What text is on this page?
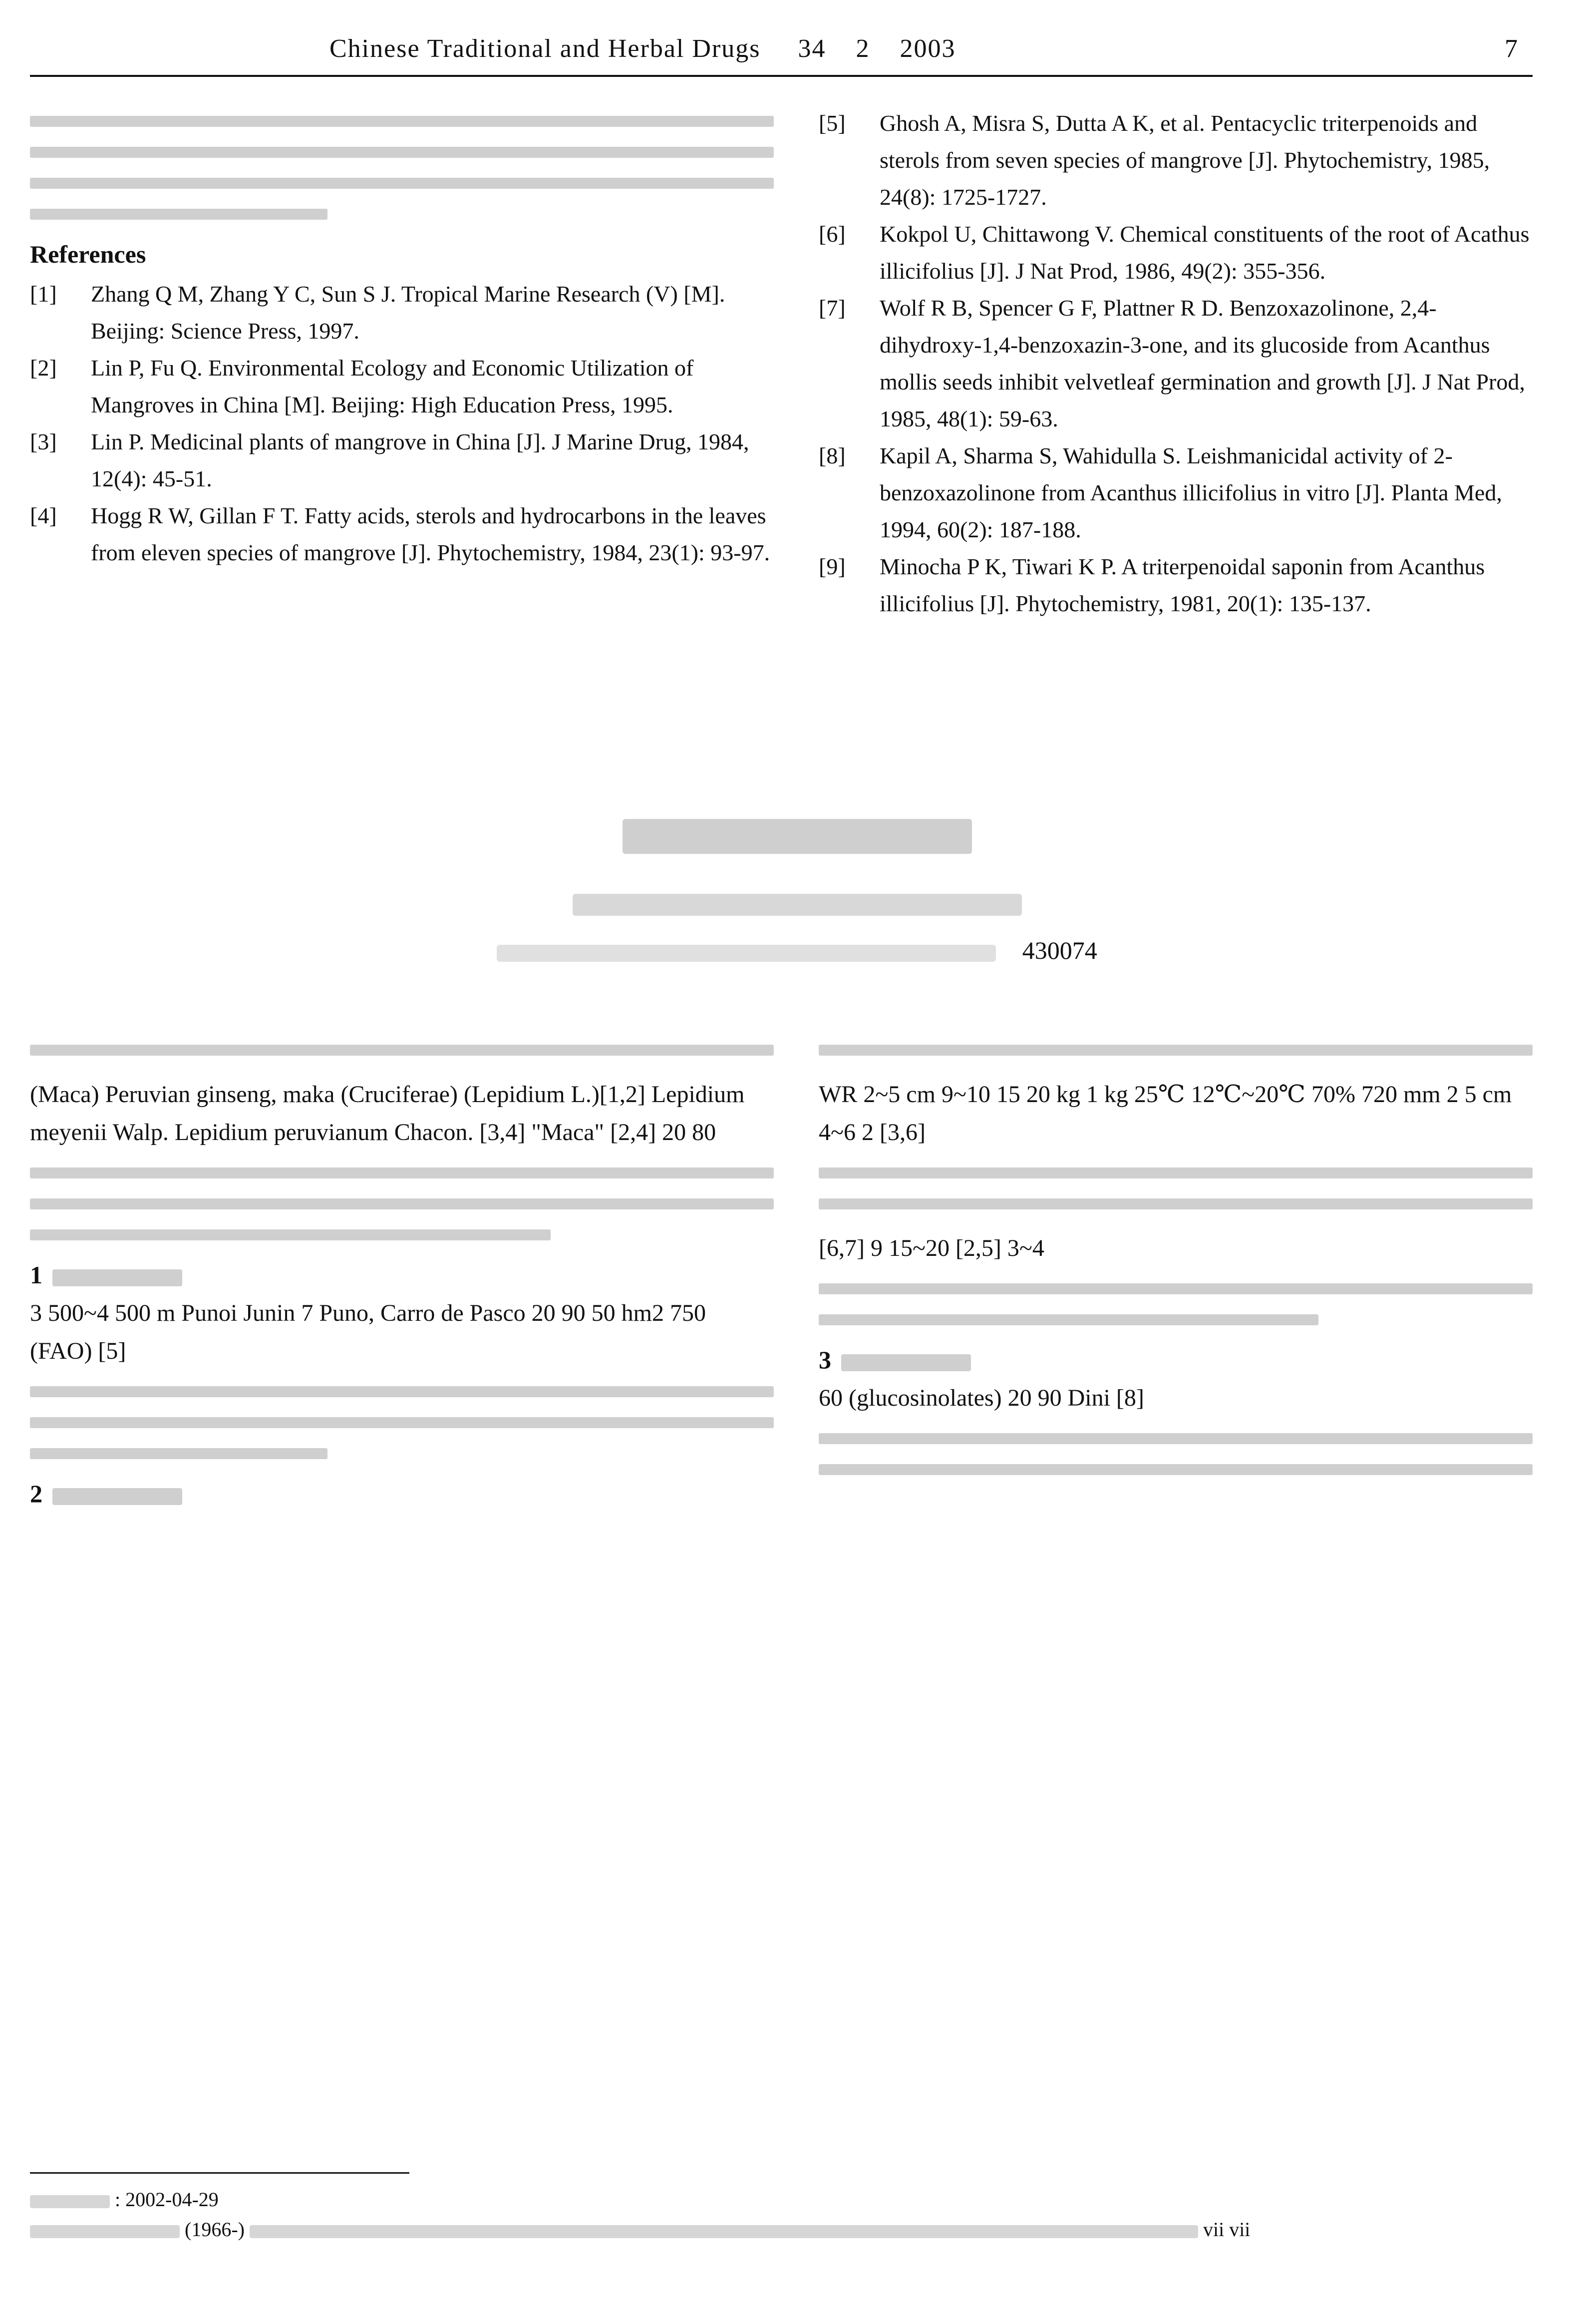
Chinese Traditional and Herbal Drugs 34 2 2003	7
References
[1]	Zhang Q M, Zhang Y C, Sun S J. Tropical Marine Research (V) [M]. Beijing: Science Press, 1997.
[2]	Lin P, Fu Q. Environmental Ecology and Economic Utilization of Mangroves in China [M]. Beijing: High Education Press, 1995.
[3]	Lin P. Medicinal plants of mangrove in China [J]. J Marine Drug, 1984, 12(4): 45-51.
[4]	Hogg R W, Gillan F T. Fatty acids, sterols and hydrocarbons in the leaves from eleven species of mangrove [J]. Phytochemistry, 1984, 23(1): 93-97.
[5]	Ghosh A, Misra S, Dutta A K, et al. Pentacyclic triterpenoids and sterols from seven species of mangrove [J]. Phytochemistry, 1985, 24(8): 1725-1727.
[6]	Kokpol U, Chittawong V. Chemical constituents of the root of Acathus illicifolius [J]. J Nat Prod, 1986, 49(2): 355-356.
[7]	Wolf R B, Spencer G F, Plattner R D. Benzoxazolinone, 2,4-dihydroxy-1,4-benzoxazin-3-one, and its glucoside from Acanthus mollis seeds inhibit velvetleaf germination and growth [J]. J Nat Prod, 1985, 48(1): 59-63.
[8]	Kapil A, Sharma S, Wahidulla S. Leishmanicidal activity of 2-benzoxazolinone from Acanthus illicifolius in vitro [J]. Planta Med, 1994, 60(2): 187-188.
[9]	Minocha P K, Tiwari K P. A triterpenoidal saponin from Acanthus illicifolius [J]. Phytochemistry, 1981, 20(1): 135-137.
430074
(Maca) Peruvian ginseng, maka (Cruciferae) (Lepidium L.)[1,2] Lepidium meyenii Walp. Lepidium peruvianum Chacon. [3,4] "Maca" [2,4] 20 80
1
3 500~4 500 m Punoi Junin 7 Puno, Carro de Pasco 20 90 50 hm2 750 (FAO) [5]
2
WR 2~5 cm 9~10 15 20 kg 1 kg 25℃ 12℃~20℃ 70% 720 mm 2 5 cm 4~6 2 [3,6]
[6,7] 9 15~20 [2,5] 3~4
3
60 (glucosinolates) 20 90 Dini [8]
: 2002-04-29
(1966-)	vii vii
